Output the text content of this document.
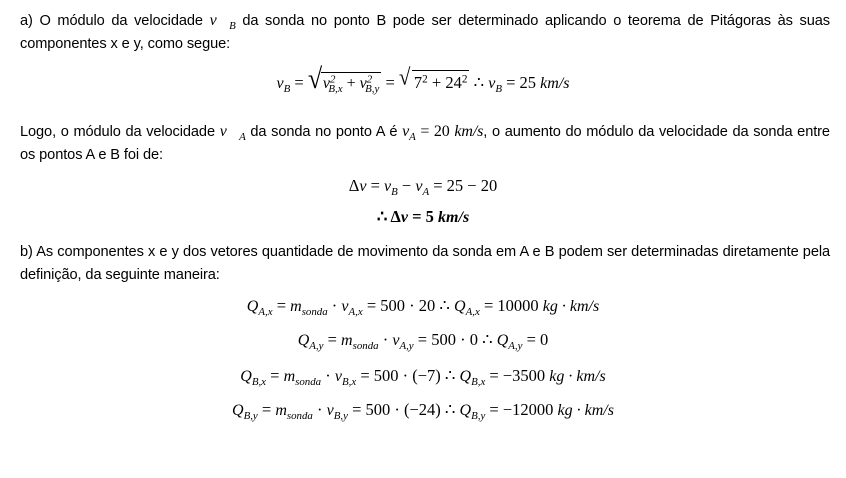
a) O módulo da velocidade $v⃗_B$ da sonda no ponto B pode ser determinado aplicando o teorema de Pitágoras às suas componentes x e y, como segue:
$v_B$ = √ $v^2_{B,x} + v^2_{B,y}$ = √ $7^2 + 24^2$ ∴ $v_B = 25$ km/s
Logo, o módulo da velocidade $v⃗_A$ da sonda no ponto A é $v_A = 20$ km/s, o aumento do módulo da velocidade da sonda entre os pontos A e B foi de:
$\Delta v = v_B - v_A = 25 - 20$
∴ Δv = 5 km/s
b) As componentes x e y dos vetores quantidade de movimento da sonda em A e B podem ser determinadas diretamente pela definição, da seguinte maneira:
$Q_{A,x} = m_{sonda} \cdot v_{A,x} = 500 \cdot 20$ ∴ $Q_{A,x} = 10000$ kg · km/s
$Q_{A,y} = m_{sonda} \cdot v_{A,y} = 500 \cdot 0$ ∴ $Q_{A,y} = 0$
$Q_{B,x} = m_{sonda} \cdot v_{B,x} = 500 \cdot (-7)$ ∴ $Q_{B,x} = -3500$ kg · km/s
$Q_{B,y} = m_{sonda} \cdot v_{B,y} = 500 \cdot (-24)$ ∴ $Q_{B,y} = -12000$ kg · km/s
